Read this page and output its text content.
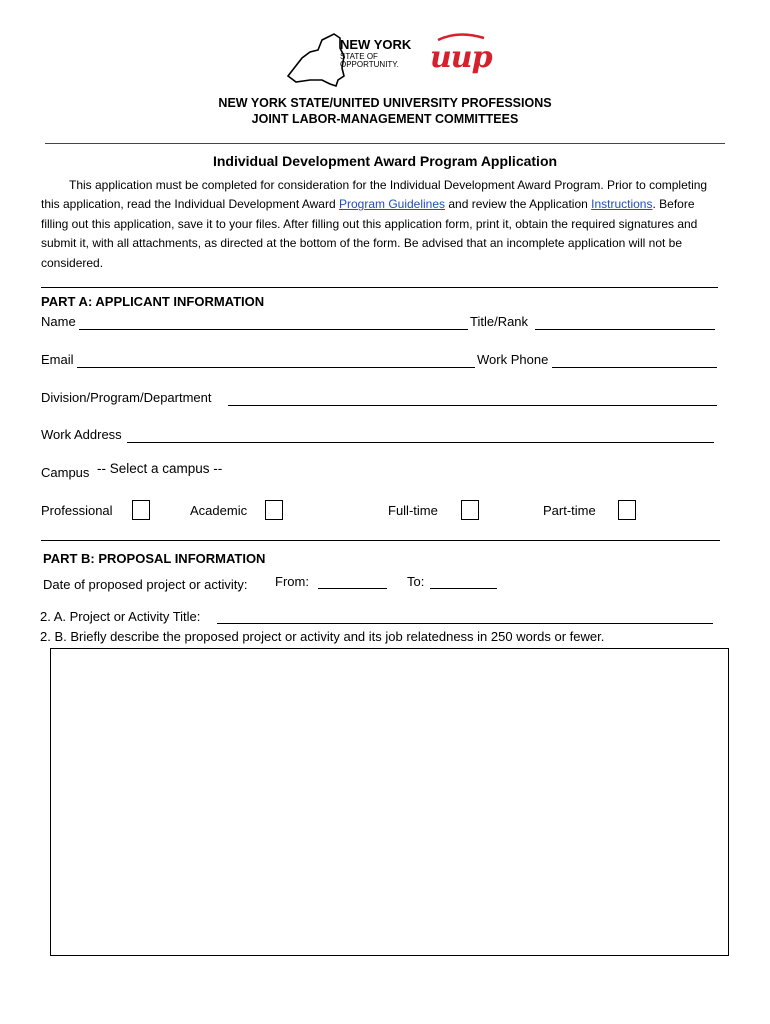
NEW YORK
STATE OF
OPPORTUNITY. uup
NEW YORK STATE/UNITED UNIVERSITY PROFESSIONS
JOINT LABOR-MANAGEMENT COMMITTEES
Individual Development Award Program Application

This application must be completed for consideration for the Individual Development Award Program. Prior to completing this application, read the Individual Development Award Program Guidelines and review the Application Instructions. Before filling out this application, save it to your files. After filling out this application form, print it, obtain the required signatures and submit it, with all attachments, as directed at the bottom of the form. Be advised that an incomplete application will not be considered.

PART A: APPLICANT INFORMATION
Name	Title/Rank
Email	Work Phone
Division/Program/Department
Work Address
Campus -- Select a campus --
Professional	Academic	Full-time	Part-time
PART B: PROPOSAL INFORMATION
Date of proposed project or activity: From:	To:
2. A. Project or Activity Title:
2. B. Briefly describe the proposed project or activity and its job relatedness in 250 words or fewer.
